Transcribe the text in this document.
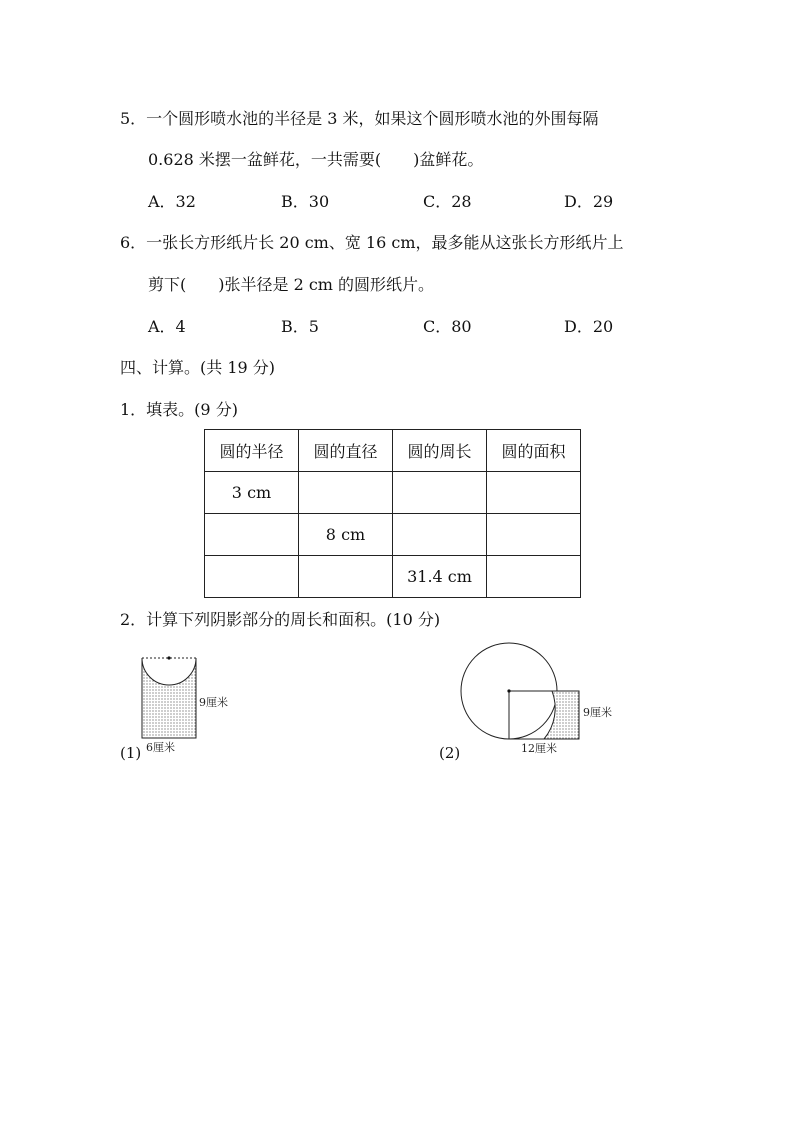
5．一个圆形喷水池的半径是 3 米，如果这个圆形喷水池的外围每隔
0.628 米摆一盆鲜花，一共需要(　　)盆鲜花。
A．32	B．30	C．28	D．29
6．一张长方形纸片长 20 cm、宽 16 cm，最多能从这张长方形纸片上
剪下(　　)张半径是 2 cm 的圆形纸片。
A．4	B．5	C．80	D．20
四、计算。(共 19 分)
1．填表。(9 分)
圆的半径	圆的直径	圆的周长	圆的面积
3 cm			
	8 cm		
		31.4 cm	
2．计算下列阴影部分的周长和面积。(10 分)
9厘米
6厘米
(1)
9厘米
12厘米
(2)
